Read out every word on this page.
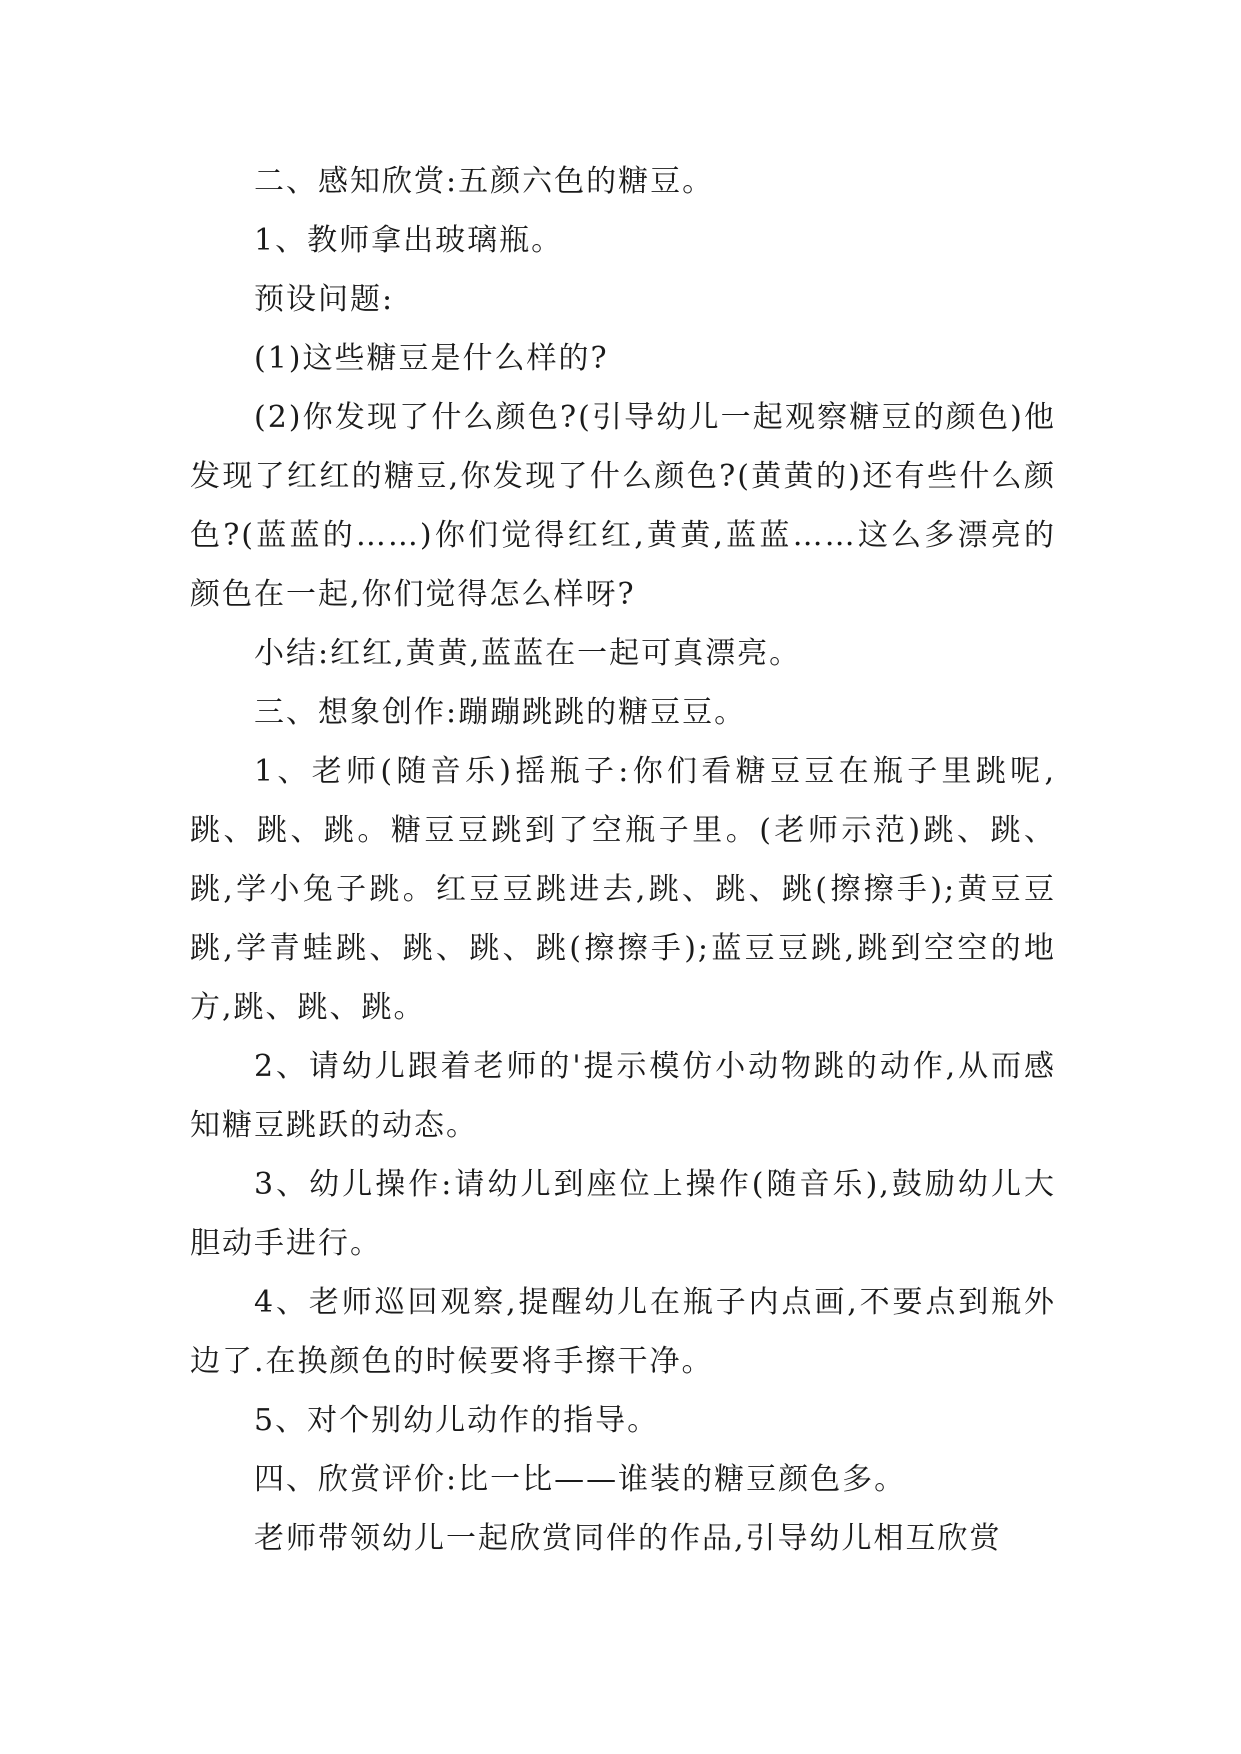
二、感知欣赏:五颜六色的糖豆。

1、教师拿出玻璃瓶。

预设问题:

(1)这些糖豆是什么样的?

(2)你发现了什么颜色?(引导幼儿一起观察糖豆的颜色)他发现了红红的糖豆,你发现了什么颜色?(黄黄的)还有些什么颜色?(蓝蓝的……)你们觉得红红,黄黄,蓝蓝……这么多漂亮的颜色在一起,你们觉得怎么样呀?

小结:红红,黄黄,蓝蓝在一起可真漂亮。

三、想象创作:蹦蹦跳跳的糖豆豆。

1、老师(随音乐)摇瓶子:你们看糖豆豆在瓶子里跳呢,跳、跳、跳。糖豆豆跳到了空瓶子里。(老师示范)跳、跳、跳,学小兔子跳。红豆豆跳进去,跳、跳、跳(擦擦手);黄豆豆跳,学青蛙跳、跳、跳、跳(擦擦手);蓝豆豆跳,跳到空空的地方,跳、跳、跳。

2、请幼儿跟着老师的'提示模仿小动物跳的动作,从而感知糖豆跳跃的动态。

3、幼儿操作:请幼儿到座位上操作(随音乐),鼓励幼儿大胆动手进行。

4、老师巡回观察,提醒幼儿在瓶子内点画,不要点到瓶外边了.在换颜色的时候要将手擦干净。

5、对个别幼儿动作的指导。

四、欣赏评价:比一比——谁装的糖豆颜色多。

老师带领幼儿一起欣赏同伴的作品,引导幼儿相互欣赏
